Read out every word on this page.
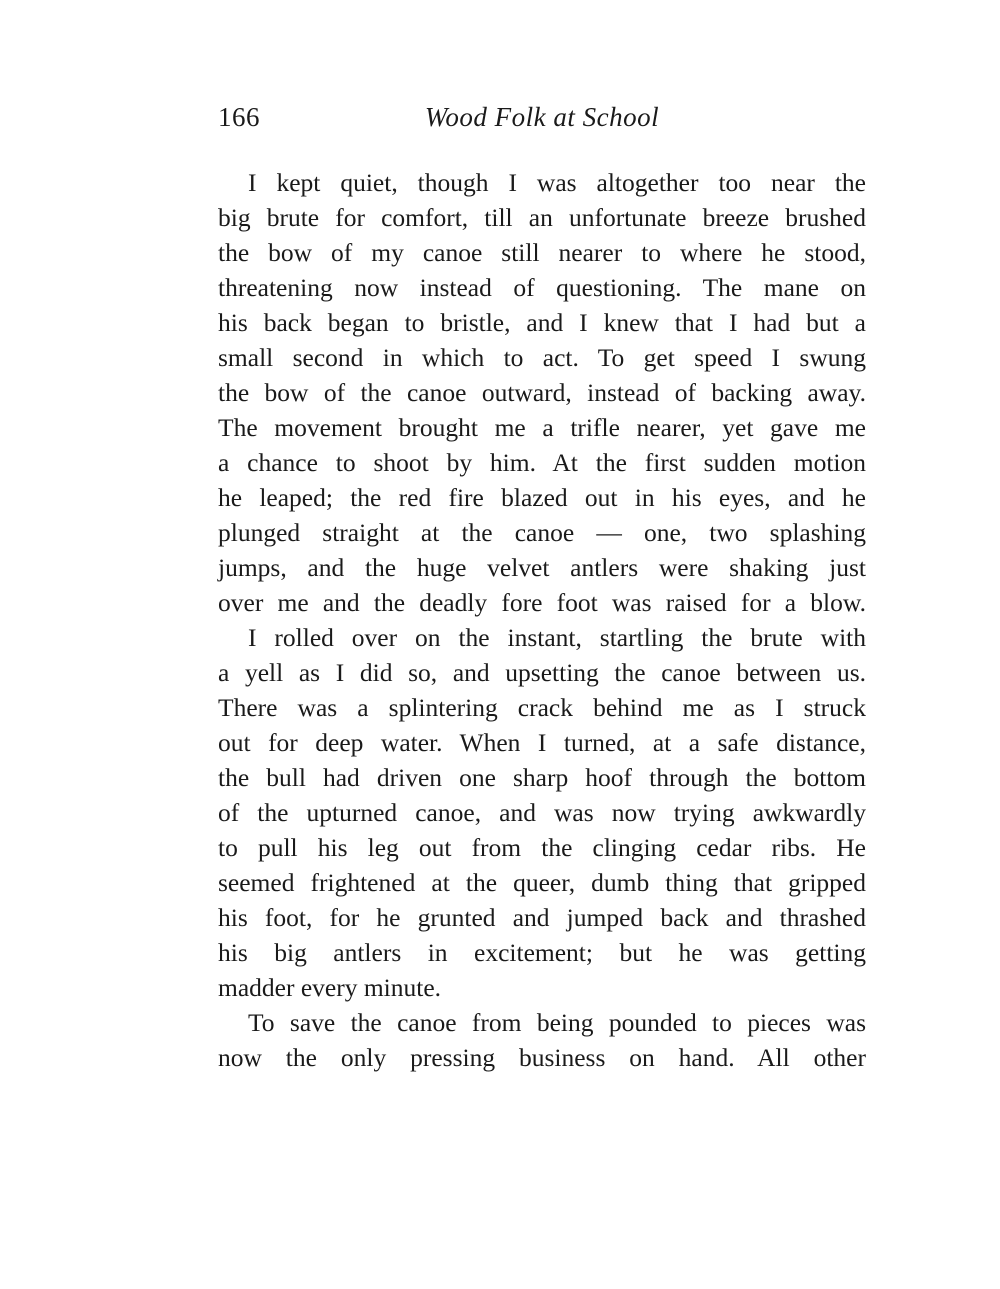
166	Wood Folk at School

I kept quiet, though I was altogether too near the
big brute for comfort, till an unfortunate breeze brushed
the bow of my canoe still nearer to where he stood,
threatening now instead of questioning. The mane on
his back began to bristle, and I knew that I had but a
small second in which to act. To get speed I swung
the bow of the canoe outward, instead of backing away.
The movement brought me a trifle nearer, yet gave me
a chance to shoot by him. At the first sudden motion
he leaped; the red fire blazed out in his eyes, and he
plunged straight at the canoe — one, two splashing
jumps, and the huge velvet antlers were shaking just
over me and the deadly fore foot was raised for a blow.

I rolled over on the instant, startling the brute with
a yell as I did so, and upsetting the canoe between us.
There was a splintering crack behind me as I struck
out for deep water. When I turned, at a safe distance,
the bull had driven one sharp hoof through the bottom
of the upturned canoe, and was now trying awkwardly
to pull his leg out from the clinging cedar ribs. He
seemed frightened at the queer, dumb thing that gripped
his foot, for he grunted and jumped back and thrashed
his big antlers in excitement; but he was getting
madder every minute.

To save the canoe from being pounded to pieces was
now the only pressing business on hand. All other
